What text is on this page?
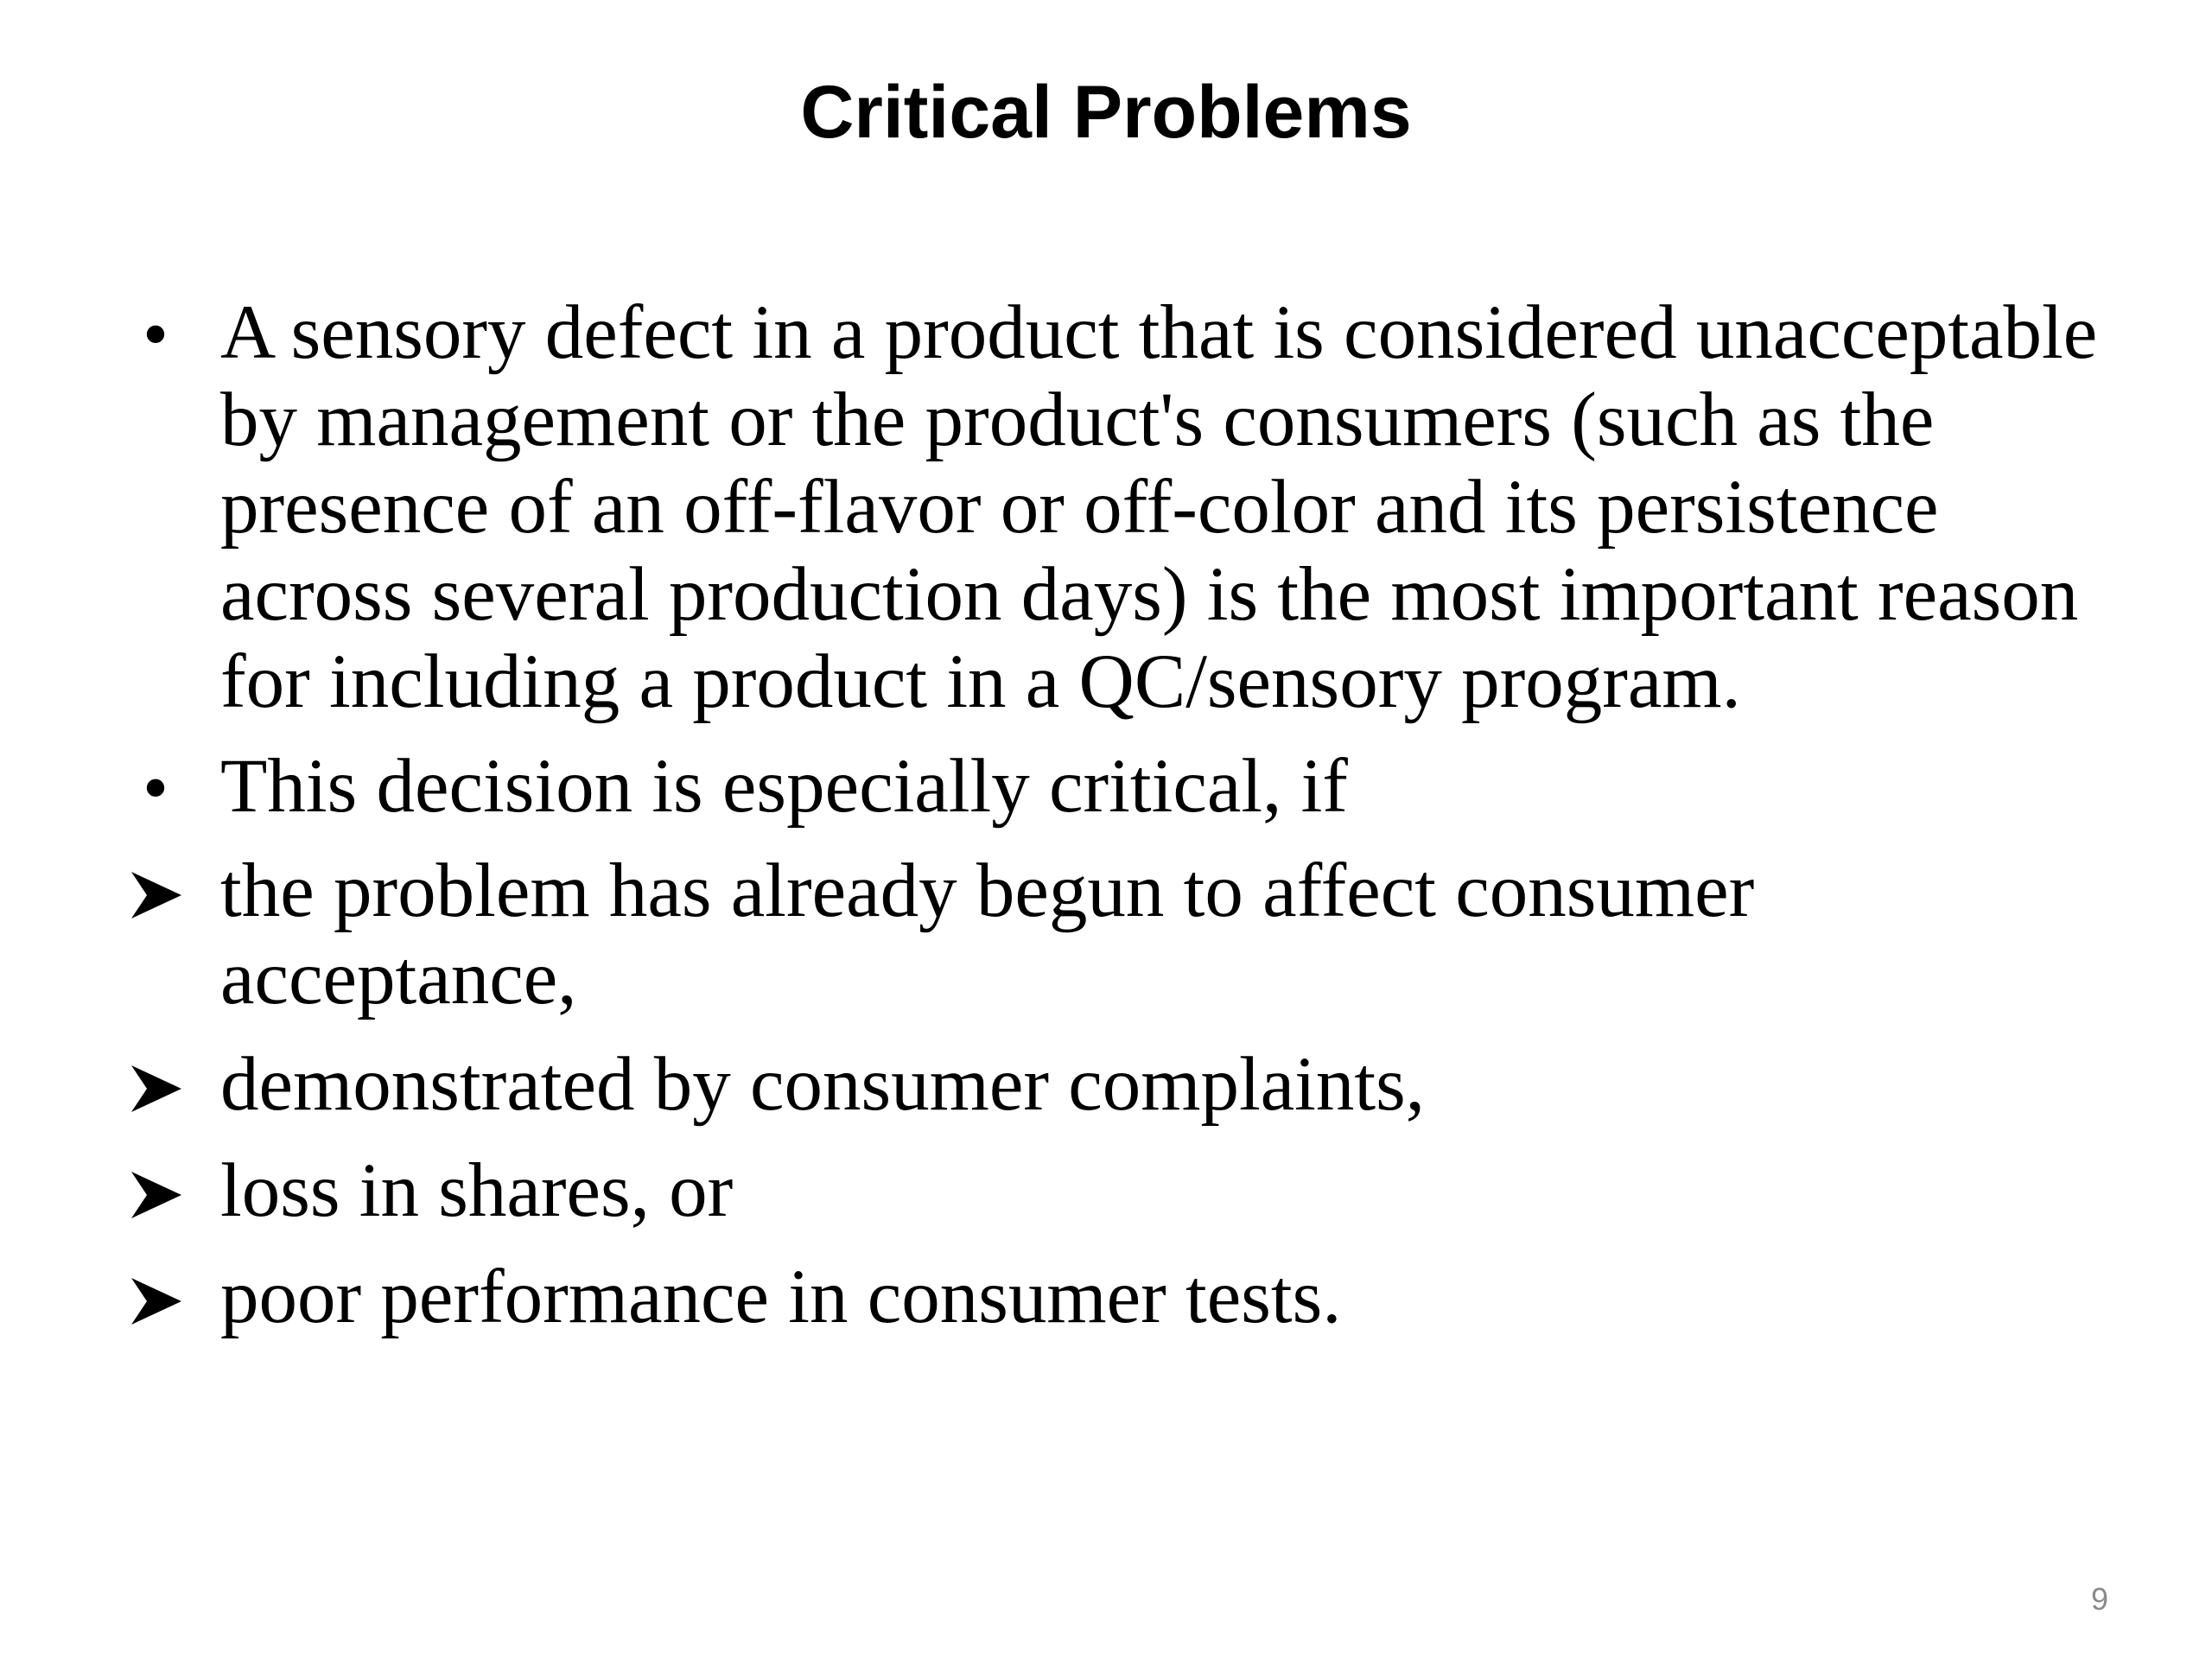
Critical Problems
• A sensory defect in a product that is considered unacceptable by management or the product's consumers (such as the presence of an off-flavor or off-color and its persistence across several production days) is the most important reason for including a product in a QC/sensory program.
• This decision is especially critical, if
the problem has already begun to affect consumer acceptance,
demonstrated by consumer complaints,
loss in shares, or
poor performance in consumer tests.
9
